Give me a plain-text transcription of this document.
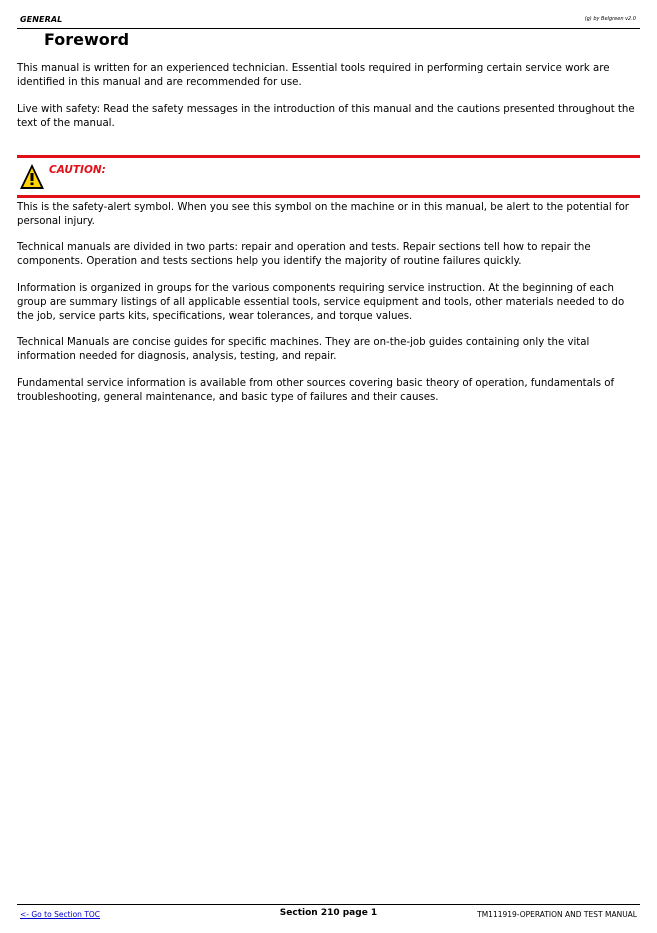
GENERAL	(g) by Belgreen v2.0
Foreword

This manual is written for an experienced technician. Essential tools required in performing certain service work are identified in this manual and are recommended for use.

Live with safety: Read the safety messages in the introduction of this manual and the cautions presented throughout the text of the manual.

CAUTION:

This is the safety-alert symbol. When you see this symbol on the machine or in this manual, be alert to the potential for personal injury.

Technical manuals are divided in two parts: repair and operation and tests. Repair sections tell how to repair the components. Operation and tests sections help you identify the majority of routine failures quickly.

Information is organized in groups for the various components requiring service instruction. At the beginning of each group are summary listings of all applicable essential tools, service equipment and tools, other materials needed to do the job, service parts kits, specifications, wear tolerances, and torque values.

Technical Manuals are concise guides for specific machines. They are on-the-job guides containing only the vital information needed for diagnosis, analysis, testing, and repair.

Fundamental service information is available from other sources covering basic theory of operation, fundamentals of troubleshooting, general maintenance, and basic type of failures and their causes.

<- Go to Section TOC	Section 210 page 1	TM111919-OPERATION AND TEST MANUAL
